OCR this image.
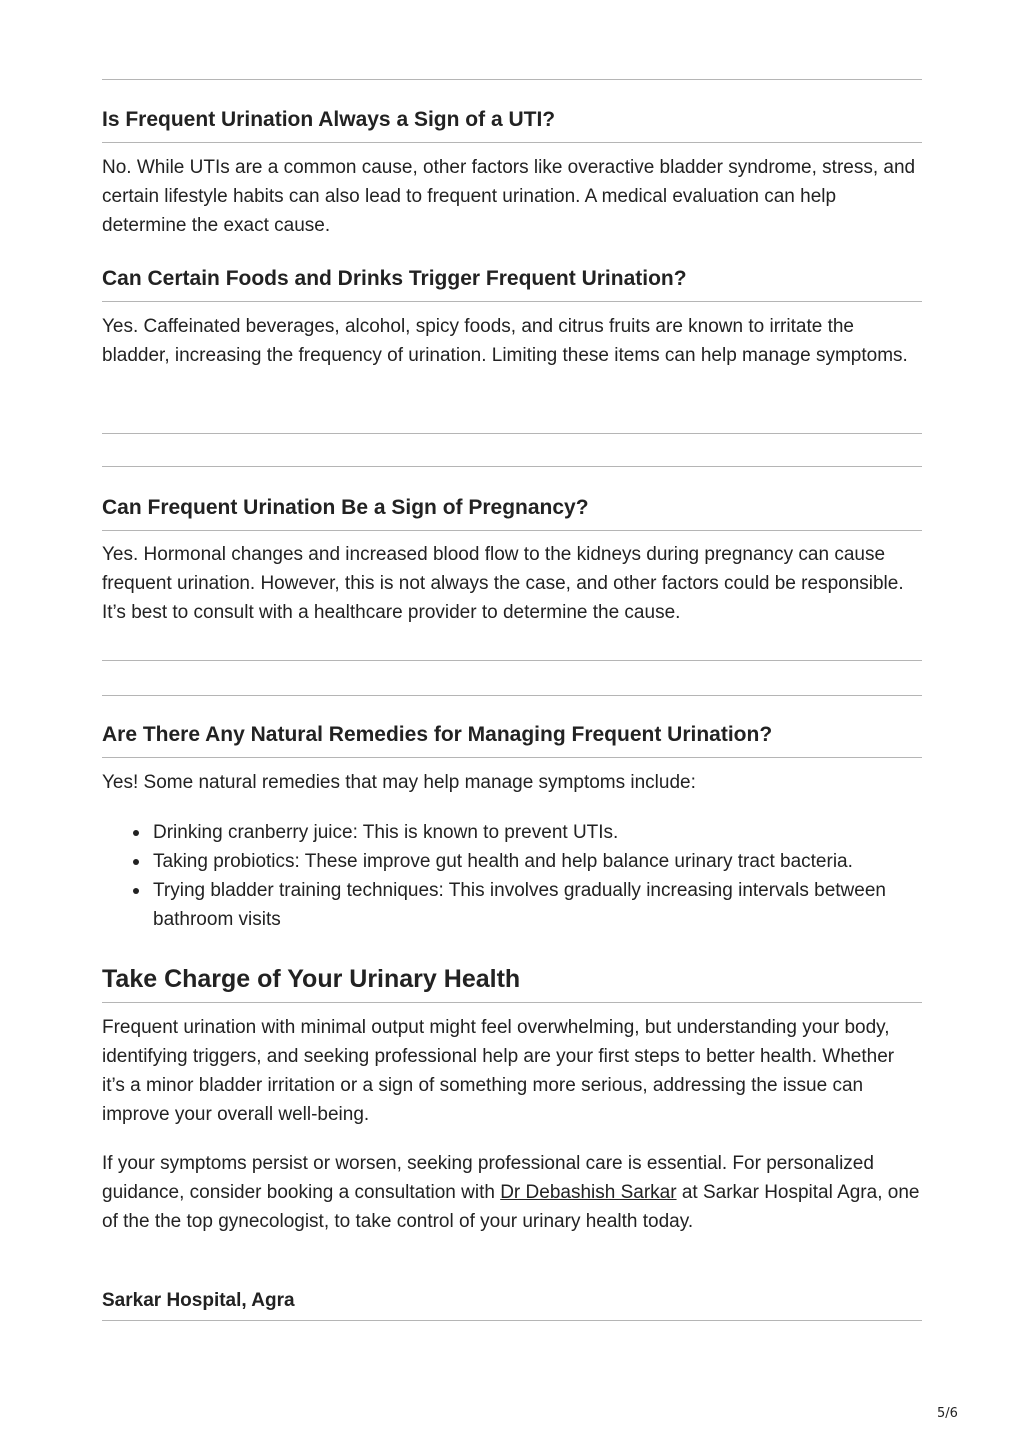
Is Frequent Urination Always a Sign of a UTI?

No. While UTIs are a common cause, other factors like overactive bladder syndrome, stress, and certain lifestyle habits can also lead to frequent urination. A medical evaluation can help determine the exact cause.

Can Certain Foods and Drinks Trigger Frequent Urination?

Yes. Caffeinated beverages, alcohol, spicy foods, and citrus fruits are known to irritate the bladder, increasing the frequency of urination. Limiting these items can help manage symptoms.

Can Frequent Urination Be a Sign of Pregnancy?

Yes. Hormonal changes and increased blood flow to the kidneys during pregnancy can cause frequent urination. However, this is not always the case, and other factors could be responsible. It’s best to consult with a healthcare provider to determine the cause.

Are There Any Natural Remedies for Managing Frequent Urination?

Yes! Some natural remedies that may help manage symptoms include:

Drinking cranberry juice: This is known to prevent UTIs.
Taking probiotics: These improve gut health and help balance urinary tract bacteria.
Trying bladder training techniques: This involves gradually increasing intervals between bathroom visits
Take Charge of Your Urinary Health

Frequent urination with minimal output might feel overwhelming, but understanding your body, identifying triggers, and seeking professional help are your first steps to better health. Whether it’s a minor bladder irritation or a sign of something more serious, addressing the issue can improve your overall well-being.

If your symptoms persist or worsen, seeking professional care is essential. For personalized guidance, consider booking a consultation with Dr Debashish Sarkar at Sarkar Hospital Agra, one of the the top gynecologist, to take control of your urinary health today.

Sarkar Hospital, Agra
5/6
